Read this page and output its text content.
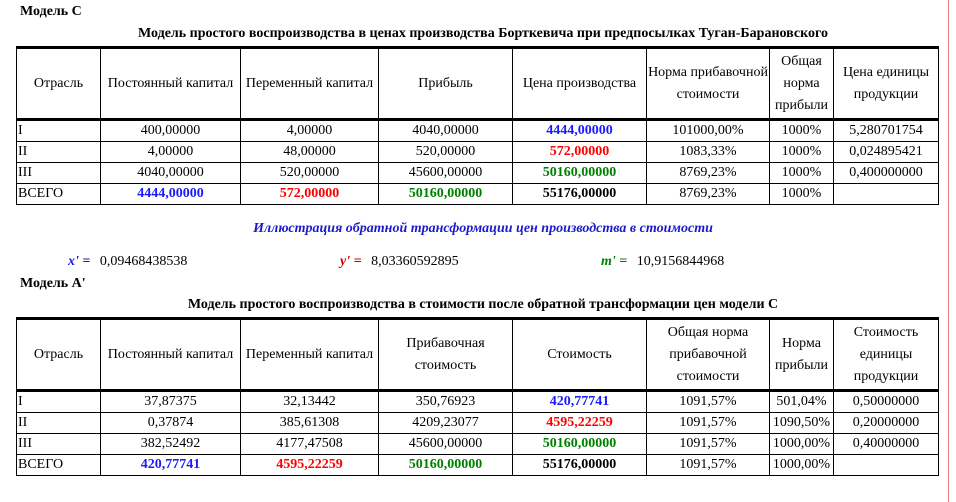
Модель С
Модель простого воспроизводства в ценах производства Борткевича при предпосылках Туган-Барановского
Отрасль	Постоянный капитал	Переменный капитал	Прибыль	Цена производства	Норма прибавочной стоимости	Общая норма прибыли	Цена единицы продукции
I	400,00000	4,00000	4040,00000	4444,00000	101000,00%	1000%	5,280701754
II	4,00000	48,00000	520,00000	572,00000	1083,33%	1000%	0,024895421
III	4040,00000	520,00000	45600,00000	50160,00000	8769,23%	1000%	0,400000000
ВСЕГО	4444,00000	572,00000	50160,00000	55176,00000	8769,23%	1000%	
Иллюстрация обратной трансформации цен производства в стоимости
x' = 0,09468438538	y' = 8,03360592895	m' = 10,9156844968
Модель А'
Модель простого воспроизводства в стоимости после обратной трансформации цен модели С
Отрасль	Постоянный капитал	Переменный капитал	Прибавочная стоимость	Стоимость	Общая норма прибавочной стоимости	Норма прибыли	Стоимость единицы продукции
I	37,87375	32,13442	350,76923	420,77741	1091,57%	501,04%	0,50000000
II	0,37874	385,61308	4209,23077	4595,22259	1091,57%	1090,50%	0,20000000
III	382,52492	4177,47508	45600,00000	50160,00000	1091,57%	1000,00%	0,40000000
ВСЕГО	420,77741	4595,22259	50160,00000	55176,00000	1091,57%	1000,00%	
